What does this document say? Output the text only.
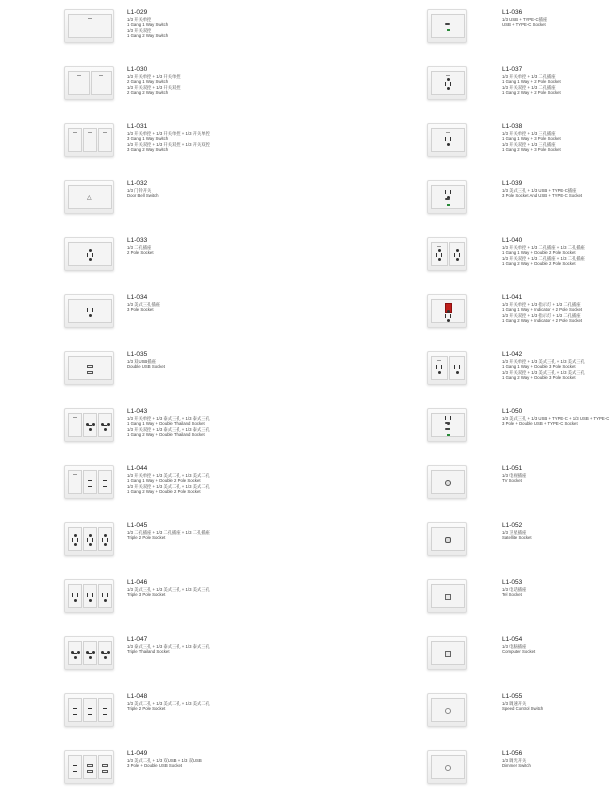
L1-029
1/3 开关单控
1 Gang 1 Way Switch
1/3 开关双控
1 Gang 2 Way Switch
L1-036
1/3 USB + TYPE-C插座
USB + TYPE-C Socket
L1-030
1/3 开关单控 + 1/3 开关单控
2 Gang 1 Way Switch
1/3 开关双控 + 1/3 开关双控
2 Gang 2 Way Switch
L1-037
1/3 开关单控 + 1/3 二孔插座
1 Gang 1 Way + 2 Pole Socket
1/3 开关双控 + 1/3 二孔插座
1 Gang 2 Way + 2 Pole Socket
L1-031
1/3 开关单控 + 1/3 开关单控 + 1/3 开关单控
3 Gang 1 Way Switch
1/3 开关双控 + 1/3 开关双控 + 1/3 开关双控
3 Gang 2 Way Switch
L1-038
1/3 开关单控 + 1/3 三孔插座
1 Gang 1 Way + 3 Pole Socket
1/3 开关双控 + 1/3 三孔插座
1 Gang 2 Way + 3 Pole Socket
△
L1-032
1/3 门铃开关
Door Bell Switch
L1-039
1/3 美式三孔 + 1/3 USB + TYPE-C插座
3 Pole Socket And USB + TYPE-C Socket
L1-033
1/3 二孔插座
2 Pole Socket
L1-040
1/3 开关单控 + 1/3 二孔插座 + 1/3 二孔插座
1 Gang 1 Way + Double 2 Pole Socket
1/3 开关双控 + 1/3 二孔插座 + 1/3 二孔插座
1 Gang 2 Way + Double 2 Pole Socket
L1-034
1/3 美式三孔插座
3 Pole Socket
L1-041
1/3 开关单控 + 1/3 指示灯 + 1/3 二孔插座
1 Gang 1 Way + Indicator + 2 Pole Socket
1/3 开关双控 + 1/3 指示灯 + 1/3 二孔插座
1 Gang 2 Way + Indicator + 2 Pole Socket
L1-035
1/3 双USB插座
Double USB Socket
L1-042
1/3 开关单控 + 1/3 美式三孔 + 1/3 美式三孔
1 Gang 1 Way + Double 3 Pole Socket
1/3 开关双控 + 1/3 美式三孔 + 1/3 美式三孔
1 Gang 2 Way + Double 3 Pole Socket
L1-043
1/3 开关单控 + 1/3 泰式三孔 + 1/3 泰式三孔
1 Gang 1 Way + Double Thailand Socket
1/3 开关双控 + 1/3 泰式三孔 + 1/3 泰式三孔
1 Gang 2 Way + Double Thailand Socket
L1-050
1/3 美式三孔 + 1/3 USB + TYPE-C + 1/3 USB + TYPE-C
3 Pole + Double USB + TYPE-C Socket
L1-044
1/3 开关单控 + 1/3 美式二孔 + 1/3 美式二孔
1 Gang 1 Way + Double 2 Pole Socket
1/3 开关双控 + 1/3 美式二孔 + 1/3 美式二孔
1 Gang 2 Way + Double 2 Pole Socket
L1-051
1/3 电视插座
TV Socket
L1-045
1/3 二孔插座 + 1/3 二孔插座 + 1/3 二孔插座
Triple 2 Pole Socket
L1-052
1/3 卫星插座
Satellite Socket
L1-046
1/3 美式三孔 + 1/3 美式三孔 + 1/3 美式三孔
Triple 3 Pole Socket
L1-053
1/3 电话插座
Tel Socket
L1-047
1/3 泰式三孔 + 1/3 泰式三孔 + 1/3 泰式三孔
Triple Thailand Socket
L1-054
1/3 电脑插座
Computer Socket
L1-048
1/3 美式二孔 + 1/3 美式二孔 + 1/3 美式二孔
Triple 2 Pole Socket
L1-055
1/3 调速开关
Speed Control Switch
L1-049
1/3 美式二孔 + 1/3 双USB + 1/3 双USB
3 Pole + Double USB Socket
L1-056
1/3 调光开关
Dimmer Switch
